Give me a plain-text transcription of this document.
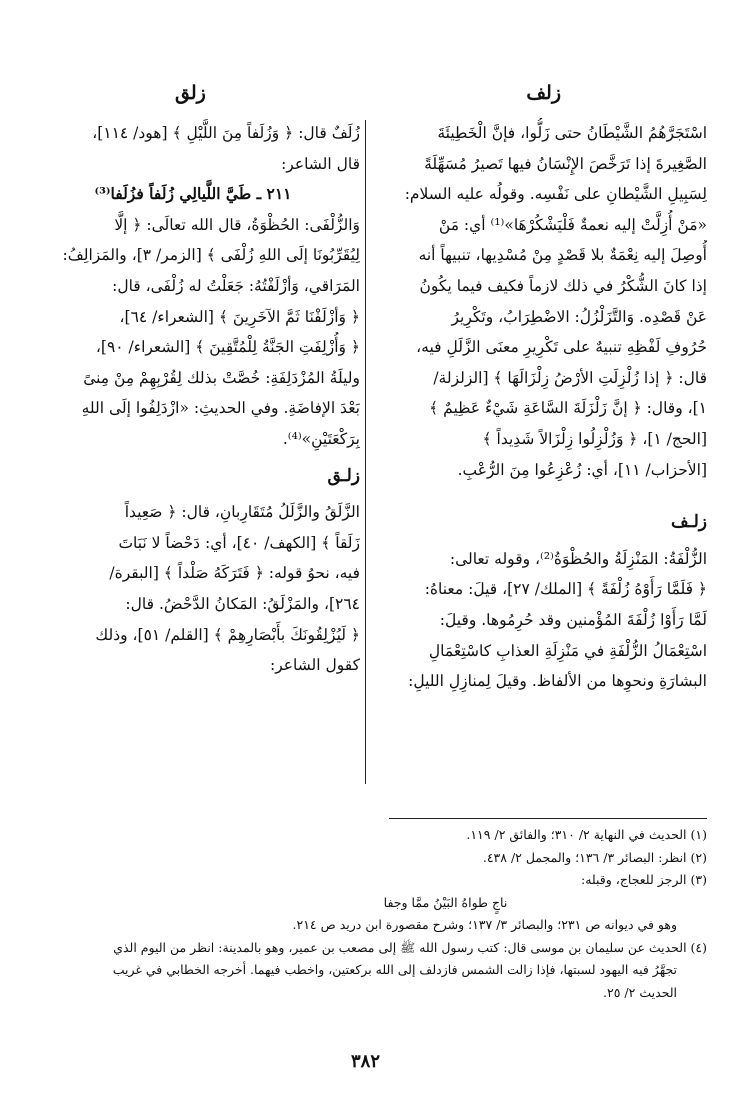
زلف
زلق
اسْتَجَرَّهُمُ الشَّيْطَانُ حتى زَلُّوا، فإنَّ الْخَطِيئَةَ
الصَّغِيرةَ إذا تَرَخَّصَ الإِنْسَانُ فيها تَصيرُ مُسَهِّلَةً
لِسَبِيلِ الشَّيْطانِ على نَفْسِه. وقولُه عليه السلام:
«مَنْ أُزِلَّتْ إليه نعمةٌ فَلْيَشْكُرْهَا»⁽¹⁾ أي: مَنْ
أُوصِلَ إليه نِعْمَةٌ بلا قَصْدٍ مِنْ مُسْدِيها، تنبيهاً أنه
إذا كانَ الشُّكْرُ في ذلك لازماً فكيف فيما يكُونُ
عَنْ قَصْدِه. وَالتَّزَلْزُلُ: الاضْطِرَابُ، وتَكْرِيرُ
حُرُوفِ لَفْظِهِ تنبيهٌ على تَكْرِيرِ معنَى الزَّلَلِ فيه،
قال: ﴿ إذا زُلْزِلَتِ الأرْضُ زِلْزَالَهَا ﴾ [الزلزلة/
١]، وقال: ﴿ إنَّ زَلْزَلَةَ السَّاعَةِ شَيْءٌ عَظِيمٌ ﴾
[الحج/ ١]، ﴿ وَزُلْزِلُوا زِلْزَالاً شَدِيداً ﴾
[الأحزاب/ ١١]، أي: زُعْزِعُوا مِنَ الرُّعْبِ.
زلـف
الزُّلْفَةُ: المَنْزِلَةُ والحُظْوَةُ⁽²⁾، وقوله تعالى:
﴿ فَلَمَّا رَأَوْهُ زُلْفَةً ﴾ [الملك/ ٢٧]، قيلَ: معناهُ:
لَمَّا رَأَوْا زُلْفَةَ المُؤْمنين وقد حُرِمُوها. وقيلَ:
اسْتِعْمَالُ الزُّلْفَةِ في مَنْزِلَةِ العذابِ كاسْتِعْمَالِ
البشارَةِ ونحوِها من الألفاظ. وقيلَ لِمنازِلِ الليلِ:
زُلَفٌ قال: ﴿ وَزُلَفاً مِنَ اللَّيْلِ ﴾ [هود/ ١١٤]،
قال الشاعر:
٢١١ ـ طَيَّ اللَّيالِي زُلَفاً فزُلَفا⁽³⁾
وَالزُّلْفَى: الحُظْوَةُ، قال الله تعالَى: ﴿ إلَّا
لِيُقَرِّبُونَا إلَى اللهِ زُلْفَى ﴾ [الزمر/ ٣]، والمَزالِفُ:
المَرَاقي، وَأزْلَفْتُهُ: جَعَلْتُ له زُلْفَى، قال:
﴿ وَأزْلَفْنَا ثَمَّ الآخَرِينَ ﴾ [الشعراء/ ٦٤]،
﴿ وَأُزْلِفَتِ الجَنَّةُ لِلْمُتَّقِينَ ﴾ [الشعراء/ ٩٠]،
وليلَةُ المُزْدَلِفَةِ: خُصَّتْ بذلك لِقُرْبِهِمْ مِنْ مِنىً
بَعْدَ الإفاضَةِ. وفي الحديثِ: «ازْدَلِفُوا إلَى اللهِ
بِرَكْعَتَيْنِ»⁽⁴⁾.
زلـق
الزَّلَقُ والزَّلَلُ مُتَقَارِبانِ، قال: ﴿ صَعِيداً
زَلَقاً ﴾ [الكهف/ ٤٠]، أي: دَحْضاً لا نَبَاتَ
فيه، نحوُ قوله: ﴿ فَتَرَكَهُ صَلْداً ﴾ [البقرة/
٢٦٤]، والمَزْلَقُ: المَكانُ الدَّحْضُ. قال:
﴿ لَيُزْلِقُونَكَ بأَبْصَارِهِمْ ﴾ [القلم/ ٥١]، وذلك
كقول الشاعر:
(١) الحديث في النهاية ٢/ ٣١٠؛ والفائق ٢/ ١١٩.
(٢) انظر: البصائر ٣/ ١٣٦؛ والمجمل ٢/ ٤٣٨.
(٣) الرجز للعجاج، وقبله:
ناجٍ طواهُ البَيْنُ ممَّا وجفا
وهو في ديوانه ص ٢٣١؛ والبصائر ٣/ ١٣٧؛ وشرح مقصورة ابن دريد ص ٢١٤.
(٤) الحديث عن سليمان بن موسى قال: كتب رسول الله ﷺ إلى مصعب بن عمير، وهو بالمدينة: انظر من اليوم الذي
تجهَّرُ فيه اليهود لسبتها، فإذا زالت الشمس فازدلف إلى الله بركعتين، واخطب فيهما. أخرجه الخطابي في غريب
الحديث ٢/ ٢٥.
٣٨٢
